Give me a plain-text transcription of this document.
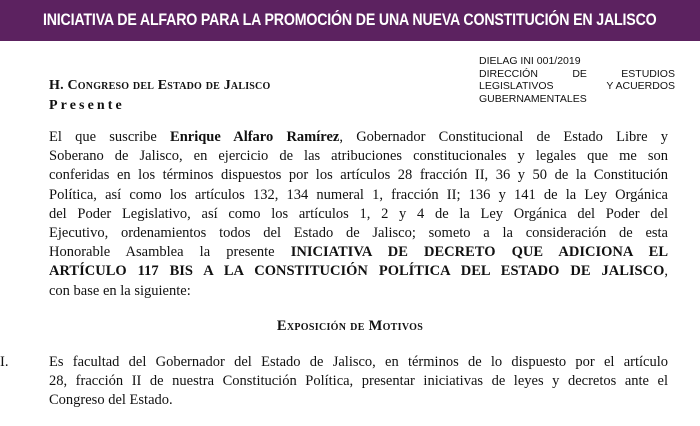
INICIATIVA DE ALFARO PARA LA PROMOCIÓN DE UNA NUEVA CONSTITUCIÓN EN JALISCO
DIELAG INI 001/2019
DIRECCIÓN	DE	ESTUDIOS
LEGISLATIVOS	Y ACUERDOS
GUBERNAMENTALES
H. Congreso del Estado de Jalisco
Presente
El que suscribe Enrique Alfaro Ramírez, Gobernador Constitucional de Estado Libre y
Soberano de Jalisco, en ejercicio de las atribuciones constitucionales y legales que me son
conferidas en los términos dispuestos por los artículos 28 fracción II, 36 y 50 de la Constitución
Política, así como los artículos 132, 134 numeral 1, fracción II; 136 y 141 de la Ley Orgánica
del Poder Legislativo, así como los artículos 1, 2 y 4 de la Ley Orgánica del Poder del
Ejecutivo, ordenamientos todos del Estado de Jalisco; someto a la consideración de esta
Honorable Asamblea la presente INICIATIVA DE DECRETO QUE ADICIONA EL
ARTÍCULO 117 BIS A LA CONSTITUCIÓN POLÍTICA DEL ESTADO DE JALISCO,
con base en la siguiente:
Exposición de Motivos
I.	Es facultad del Gobernador del Estado de Jalisco, en términos de lo dispuesto por el artículo
28, fracción II de nuestra Constitución Política, presentar iniciativas de leyes y decretos ante el
Congreso del Estado.
